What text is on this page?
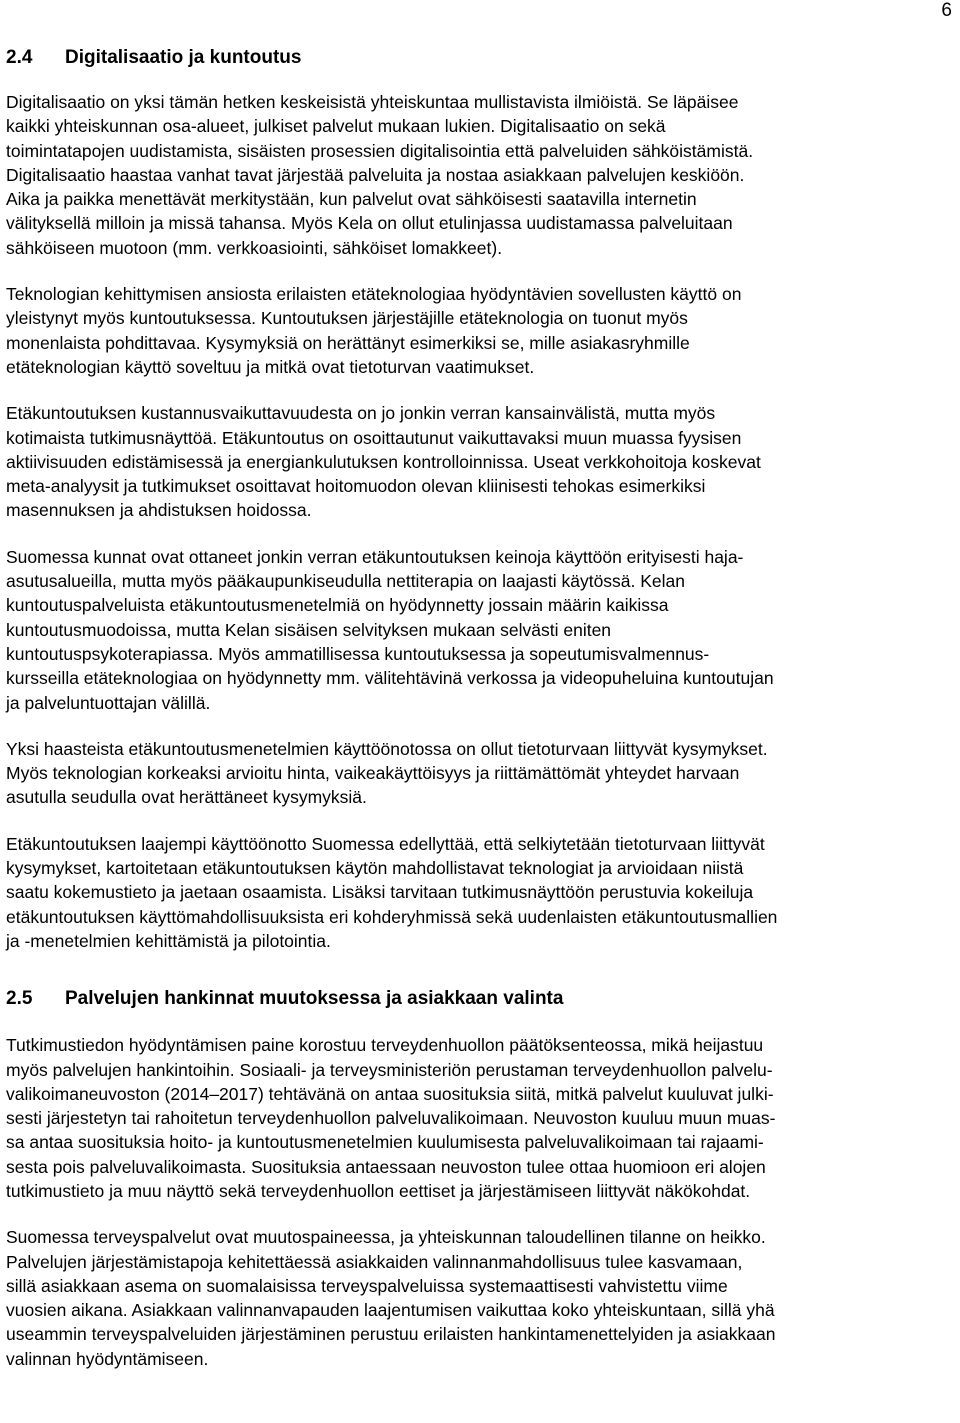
6
2.4	Digitalisaatio ja kuntoutus
Digitalisaatio on yksi tämän hetken keskeisistä yhteiskuntaa mullistavista ilmiöistä. Se läpäisee
kaikki yhteiskunnan osa-alueet, julkiset palvelut mukaan lukien. Digitalisaatio on sekä
toimintatapojen uudistamista, sisäisten prosessien digitalisointia että palveluiden sähköistämistä.
Digitalisaatio haastaa vanhat tavat järjestää palveluita ja nostaa asiakkaan palvelujen keskiöön.
Aika ja paikka menettävät merkitystään, kun palvelut ovat sähköisesti saatavilla internetin
välityksellä milloin ja missä tahansa. Myös Kela on ollut etulinjassa uudistamassa palveluitaan
sähköiseen muotoon (mm. verkkoasiointi, sähköiset lomakkeet).
Teknologian kehittymisen ansiosta erilaisten etäteknologiaa hyödyntävien sovellusten käyttö on
yleistynyt myös kuntoutuksessa. Kuntoutuksen järjestäjille etäteknologia on tuonut myös
monenlaista pohdittavaa. Kysymyksiä on herättänyt esimerkiksi se, mille asiakasryhmille
etäteknologian käyttö soveltuu ja mitkä ovat tietoturvan vaatimukset.
Etäkuntoutuksen kustannusvaikuttavuudesta on jo jonkin verran kansainvälistä, mutta myös
kotimaista tutkimusnäyttöä. Etäkuntoutus on osoittautunut vaikuttavaksi muun muassa fyysisen
aktiivisuuden edistämisessä ja energiankulutuksen kontrolloinnissa. Useat verkkohoitoja koskevat
meta-analyysit ja tutkimukset osoittavat hoitomuodon olevan kliinisesti tehokas esimerkiksi
masennuksen ja ahdistuksen hoidossa.
Suomessa kunnat ovat ottaneet jonkin verran etäkuntoutuksen keinoja käyttöön erityisesti haja-
asutusalueilla, mutta myös pääkaupunkiseudulla nettiterapia on laajasti käytössä. Kelan
kuntoutuspalveluista etäkuntoutusmenetelmiä on hyödynnetty jossain määrin kaikissa
kuntoutusmuodoissa, mutta Kelan sisäisen selvityksen mukaan selvästi eniten
kuntoutuspsykoterapiassa. Myös ammatillisessa kuntoutuksessa ja sopeutumisvalmennus-
kursseilla etäteknologiaa on hyödynnetty mm. välitehtävinä verkossa ja videopuheluina kuntoutujan
ja palveluntuottajan välillä.
Yksi haasteista etäkuntoutusmenetelmien käyttöönotossa on ollut tietoturvaan liittyvät kysymykset.
Myös teknologian korkeaksi arvioitu hinta, vaikeakäyttöisyys ja riittämättömät yhteydet harvaan
asutulla seudulla ovat herättäneet kysymyksiä.
Etäkuntoutuksen laajempi käyttöönotto Suomessa edellyttää, että selkiytetään tietoturvaan liittyvät
kysymykset, kartoitetaan etäkuntoutuksen käytön mahdollistavat teknologiat ja arvioidaan niistä
saatu kokemustieto ja jaetaan osaamista. Lisäksi tarvitaan tutkimusnäyttöön perustuvia kokeiluja
etäkuntoutuksen käyttömahdollisuuksista eri kohderyhmissä sekä uudenlaisten etäkuntoutusmallien
ja -menetelmien kehittämistä ja pilotointia.
2.5	Palvelujen hankinnat muutoksessa ja asiakkaan valinta
Tutkimustiedon hyödyntämisen paine korostuu terveydenhuollon päätöksenteossa, mikä heijastuu
myös palvelujen hankintoihin. Sosiaali- ja terveysministeriön perustaman terveydenhuollon palvelu-
valikoimaneuvoston (2014–2017) tehtävänä on antaa suosituksia siitä, mitkä palvelut kuuluvat julki-
sesti järjestetyn tai rahoitetun terveydenhuollon palveluvalikoimaan. Neuvoston kuuluu muun muas-
sa antaa suosituksia hoito- ja kuntoutusmenetelmien kuulumisesta palveluvalikoimaan tai rajaami-
sesta pois palveluvalikoimasta. Suosituksia antaessaan neuvoston tulee ottaa huomioon eri alojen
tutkimustieto ja muu näyttö sekä terveydenhuollon eettiset ja järjestämiseen liittyvät näkökohdat.
Suomessa terveyspalvelut ovat muutospaineessa, ja yhteiskunnan taloudellinen tilanne on heikko.
Palvelujen järjestämistapoja kehitettäessä asiakkaiden valinnanmahdollisuus tulee kasvamaan,
sillä asiakkaan asema on suomalaisissa terveyspalveluissa systemaattisesti vahvistettu viime
vuosien aikana. Asiakkaan valinnanvapauden laajentumisen vaikuttaa koko yhteiskuntaan, sillä yhä
useammin terveyspalveluiden järjestäminen perustuu erilaisten hankintamenettelyiden ja asiakkaan
valinnan hyödyntämiseen.
